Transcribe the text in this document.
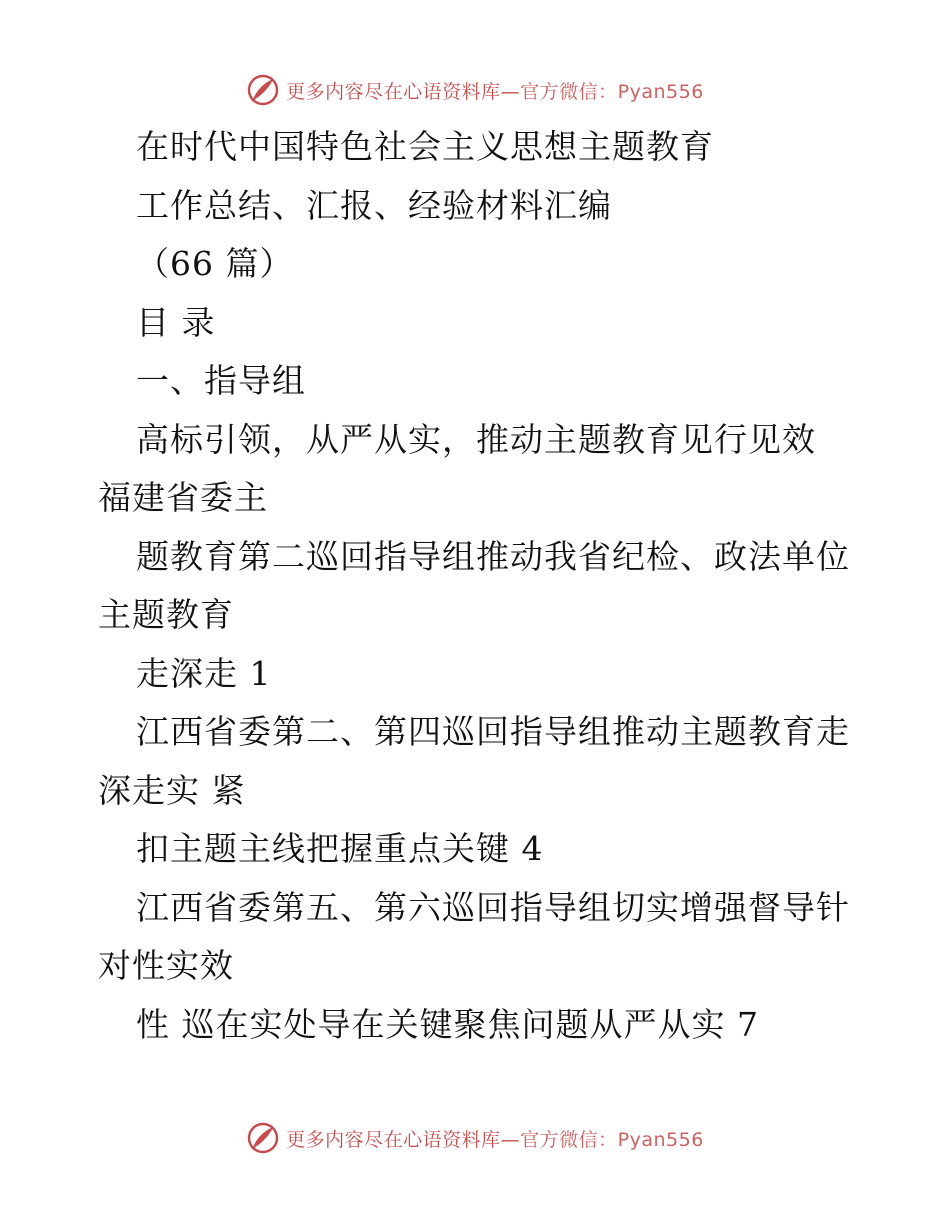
更多内容尽在心语资料库—官方微信：Pyan556
在时代中国特色社会主义思想主题教育
工作总结、汇报、经验材料汇编
（66 篇）
目 录
一、指导组
高标引领，从严从实，推动主题教育见行见效
福建省委主
题教育第二巡回指导组推动我省纪检、政法单位
主题教育
走深走 1
江西省委第二、第四巡回指导组推动主题教育走
深走实 紧
扣主题主线把握重点关键 4
江西省委第五、第六巡回指导组切实增强督导针
对性实效
性 巡在实处导在关键聚焦问题从严从实 7
更多内容尽在心语资料库—官方微信：Pyan556
